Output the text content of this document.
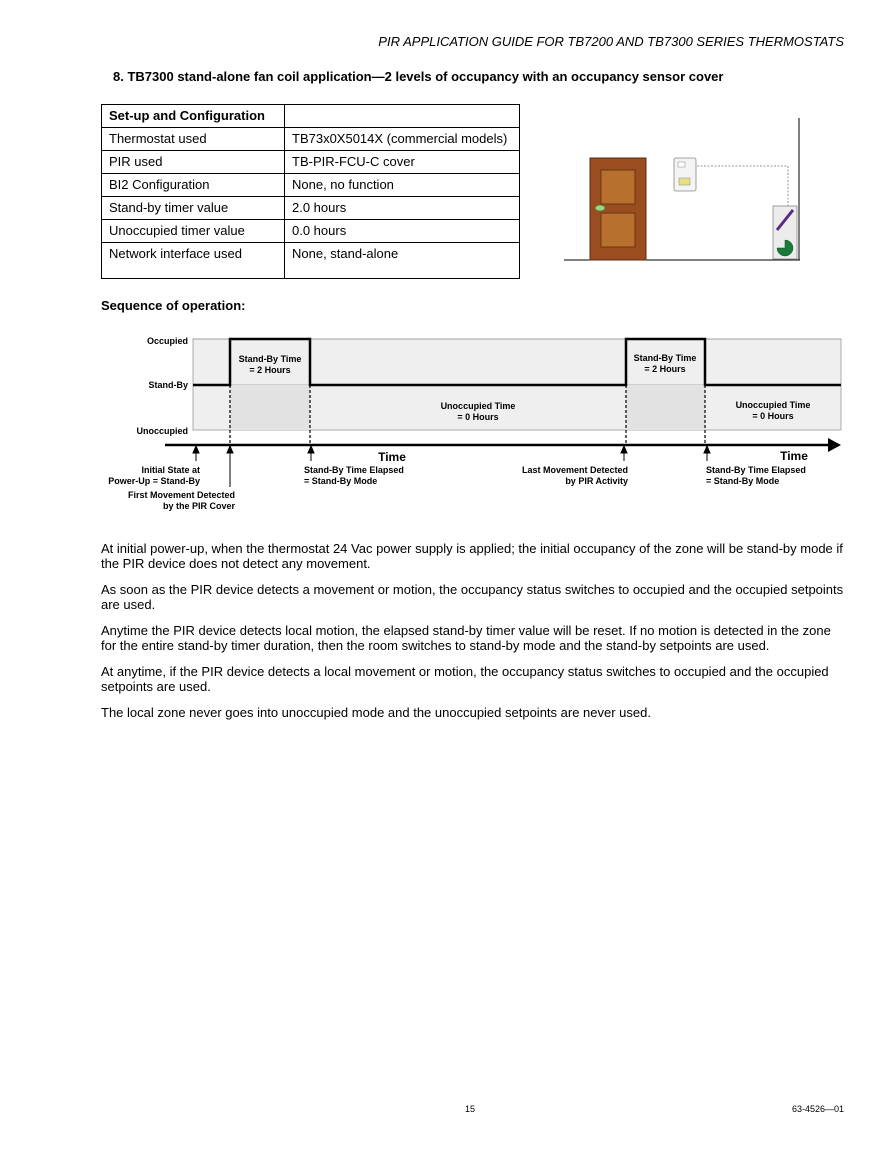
PIR APPLICATION GUIDE FOR TB7200 AND TB7300 SERIES THERMOSTATS
8. TB7300 stand-alone fan coil application—2 levels of occupancy with an occupancy sensor cover
Set-up and Configuration	
Thermostat used	TB73x0X5014X (commercial models)
PIR used	TB-PIR-FCU-C cover
BI2 Configuration	None, no function
Stand-by timer value	2.0 hours
Unoccupied timer value	0.0 hours
Network interface used	None, stand-alone
Sequence of operation:
Occupied
Stand-By
Unoccupied
Stand-By Time
= 2 Hours
Unoccupied Time
= 0 Hours
Stand-By Time
= 2 Hours
Unoccupied Time
= 0 Hours
Time	Time
Initial State at
Power-Up = Stand-By
First Movement Detected
by the PIR Cover
Stand-By Time Elapsed
= Stand-By Mode
Last Movement Detected
by PIR Activity
Stand-By Time Elapsed
= Stand-By Mode

At initial power-up, when the thermostat 24 Vac power supply is applied; the initial occupancy of the zone will be stand-by mode if the PIR device does not detect any movement.

As soon as the PIR device detects a movement or motion, the occupancy status switches to occupied and the occupied setpoints are used.

Anytime the PIR device detects local motion, the elapsed stand-by timer value will be reset. If no motion is detected in the zone for the entire stand-by timer duration, then the room switches to stand-by mode and the stand-by setpoints are used.

At anytime, if the PIR device detects a local movement or motion, the occupancy status switches to occupied and the occupied setpoints are used.

The local zone never goes into unoccupied mode and the unoccupied setpoints are never used.

15	63-4526—01
